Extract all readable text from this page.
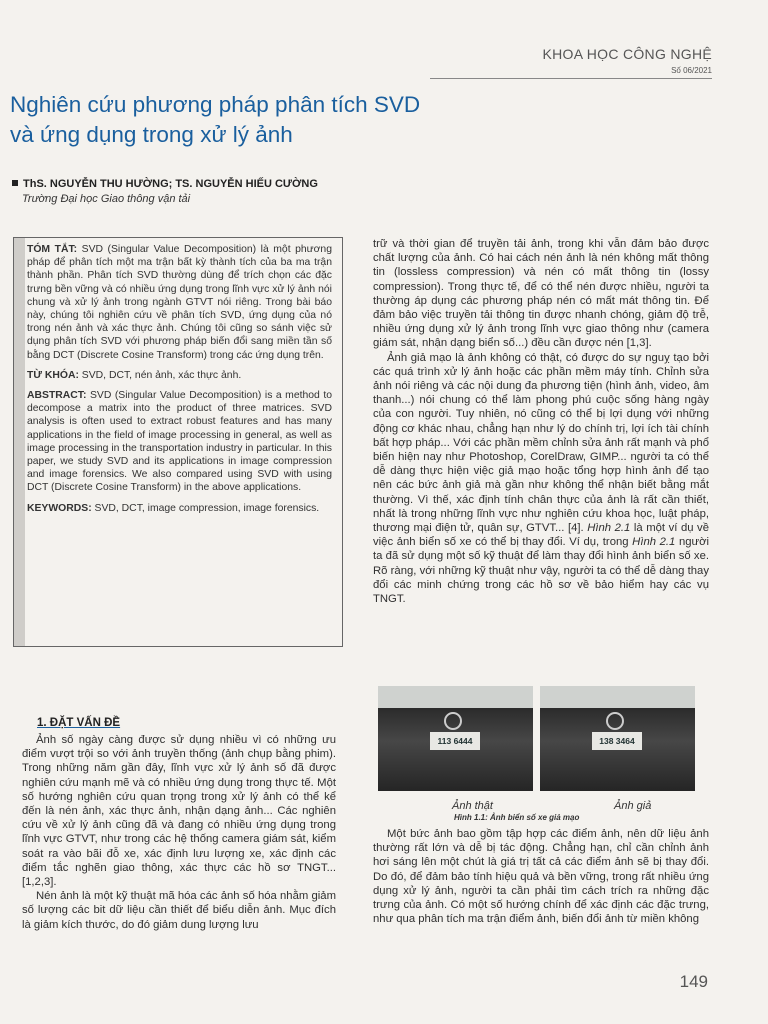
KHOA HỌC CÔNG NGHỆ
Số 06/2021
Nghiên cứu phương pháp phân tích SVD
và ứng dụng trong xử lý ảnh
ThS. NGUYỄN THU HƯỜNG; TS. NGUYỄN HIẾU CƯỜNG
Trường Đại học Giao thông vận tải

TÓM TẮT: SVD (Singular Value Decomposition) là một phương pháp để phân tích một ma trận bất kỳ thành tích của ba ma trận thành phần. Phân tích SVD thường dùng để trích chọn các đặc trưng bền vững và có nhiều ứng dụng trong lĩnh vực xử lý ảnh nói chung và xử lý ảnh trong ngành GTVT nói riêng. Trong bài báo này, chúng tôi nghiên cứu về phân tích SVD, ứng dụng của nó trong nén ảnh và xác thực ảnh. Chúng tôi cũng so sánh việc sử dụng phân tích SVD với phương pháp biến đổi sang miền tần số bằng DCT (Discrete Cosine Transform) trong các ứng dụng trên.

TỪ KHÓA: SVD, DCT, nén ảnh, xác thực ảnh.

ABSTRACT: SVD (Singular Value Decomposition) is a method to decompose a matrix into the product of three matrices. SVD analysis is often used to extract robust features and has many applications in the field of image processing in general, as well as image processing in the transportation industry in particular. In this paper, we study SVD and its applications in image compression and image forensics. We also compared using SVD with using DCT (Discrete Cosine Transform) in the above applications.

KEYWORDS: SVD, DCT, image compression, image forensics.

1. ĐẶT VẤN ĐỀ

Ảnh số ngày càng được sử dụng nhiều vì có những ưu điểm vượt trội so với ảnh truyền thống (ảnh chụp bằng phim). Trong những năm gần đây, lĩnh vực xử lý ảnh số đã được nghiên cứu mạnh mẽ và có nhiều ứng dụng trong thực tế. Một số hướng nghiên cứu quan trọng trong xử lý ảnh có thể kể đến là nén ảnh, xác thực ảnh, nhận dạng ảnh... Các nghiên cứu về xử lý ảnh cũng đã và đang có nhiều ứng dụng trong lĩnh vực GTVT, như trong các hệ thống camera giám sát, kiểm soát ra vào bãi đỗ xe, xác định lưu lượng xe, xác định các điểm tắc nghẽn giao thông, xác thực các hồ sơ TNGT... [1,2,3].

Nén ảnh là một kỹ thuật mã hóa các ảnh số hóa nhằm giảm số lượng các bit dữ liệu cần thiết để biểu diễn ảnh. Mục đích là giảm kích thước, do đó giảm dung lượng lưu

trữ và thời gian để truyền tải ảnh, trong khi vẫn đảm bảo được chất lượng của ảnh. Có hai cách nén ảnh là nén không mất thông tin (lossless compression) và nén có mất thông tin (lossy compression). Trong thực tế, để có thể nén được nhiều, người ta thường áp dụng các phương pháp nén có mất mát thông tin. Để đảm bảo việc truyền tải thông tin được nhanh chóng, giảm độ trễ, nhiều ứng dụng xử lý ảnh trong lĩnh vực giao thông như (camera giám sát, nhận dạng biển số...) đều cần được nén [1,3].

Ảnh giả mạo là ảnh không có thật, có được do sự nguỵ tạo bởi các quá trình xử lý ảnh hoặc các phần mềm máy tính. Chỉnh sửa ảnh nói riêng và các nội dung đa phương tiện (hình ảnh, video, âm thanh...) nói chung có thể làm phong phú cuộc sống hàng ngày của con người. Tuy nhiên, nó cũng có thể bị lợi dụng với những động cơ khác nhau, chẳng hạn như lý do chính trị, lợi ích tài chính bất hợp pháp... Với các phần mềm chỉnh sửa ảnh rất mạnh và phổ biến hiện nay như Photoshop, CorelDraw, GIMP... người ta có thể dễ dàng thực hiện việc giả mạo hoặc tổng hợp hình ảnh để tạo nên các bức ảnh giả mà gần như không thể nhận biết bằng mắt thường. Vì thế, xác định tính chân thực của ảnh là rất cần thiết, nhất là trong những lĩnh vực như nghiên cứu khoa học, luật pháp, thương mại điện tử, quân sự, GTVT... [4]. Hình 2.1 là một ví dụ về việc ảnh biển số xe có thể bị thay đổi. Ví dụ, trong Hình 2.1 người ta đã sử dụng một số kỹ thuật để làm thay đổi hình ảnh biển số xe. Rõ ràng, với những kỹ thuật như vậy, người ta có thể dễ dàng thay đổi các minh chứng trong các hồ sơ về bảo hiểm hay các vụ TNGT.

113 6444	138 3464
Ảnh thật	Ảnh giả
Hình 1.1: Ảnh biển số xe giả mạo

Một bức ảnh bao gồm tập hợp các điểm ảnh, nên dữ liệu ảnh thường rất lớn và dễ bị tác động. Chẳng hạn, chỉ cần chỉnh ảnh hơi sáng lên một chút là giá trị tất cả các điểm ảnh sẽ bị thay đổi. Do đó, để đảm bảo tính hiệu quả và bền vững, trong rất nhiều ứng dụng xử lý ảnh, người ta cần phải tìm cách trích ra những đặc trưng của ảnh. Có một số hướng chính để xác định các đặc trưng, như qua phân tích ma trận điểm ảnh, biến đổi ảnh từ miền không

149
